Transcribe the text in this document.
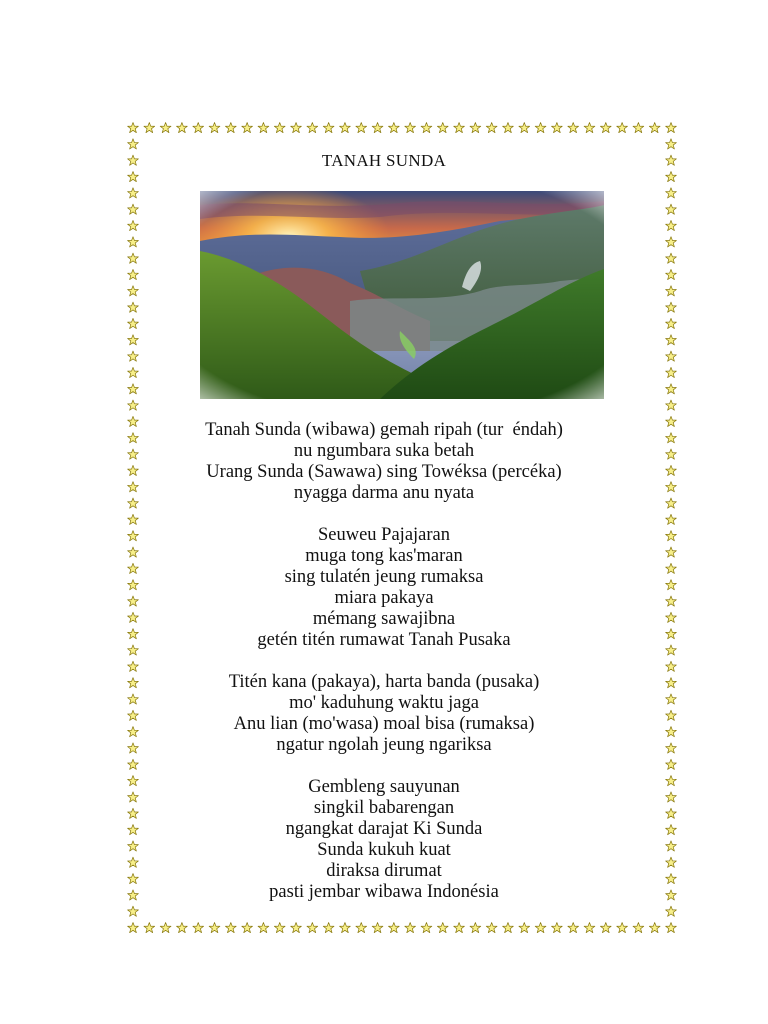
TANAH SUNDA
Tanah Sunda (wibawa) gemah ripah (tur  éndah)
nu ngumbara suka betah
Urang Sunda (Sawawa) sing Towéksa (percéka)
nyagga darma anu nyata
Seuweu Pajajaran
muga tong kas'maran
sing tulatén jeung rumaksa
miara pakaya
mémang sawajibna
getén titén rumawat Tanah Pusaka
Titén kana (pakaya), harta banda (pusaka)
mo' kaduhung waktu jaga
Anu lian (mo'wasa) moal bisa (rumaksa)
ngatur ngolah jeung ngariksa
Gembleng sauyunan
singkil babarengan
ngangkat darajat Ki Sunda
Sunda kukuh kuat
diraksa dirumat
pasti jembar wibawa Indonésia
